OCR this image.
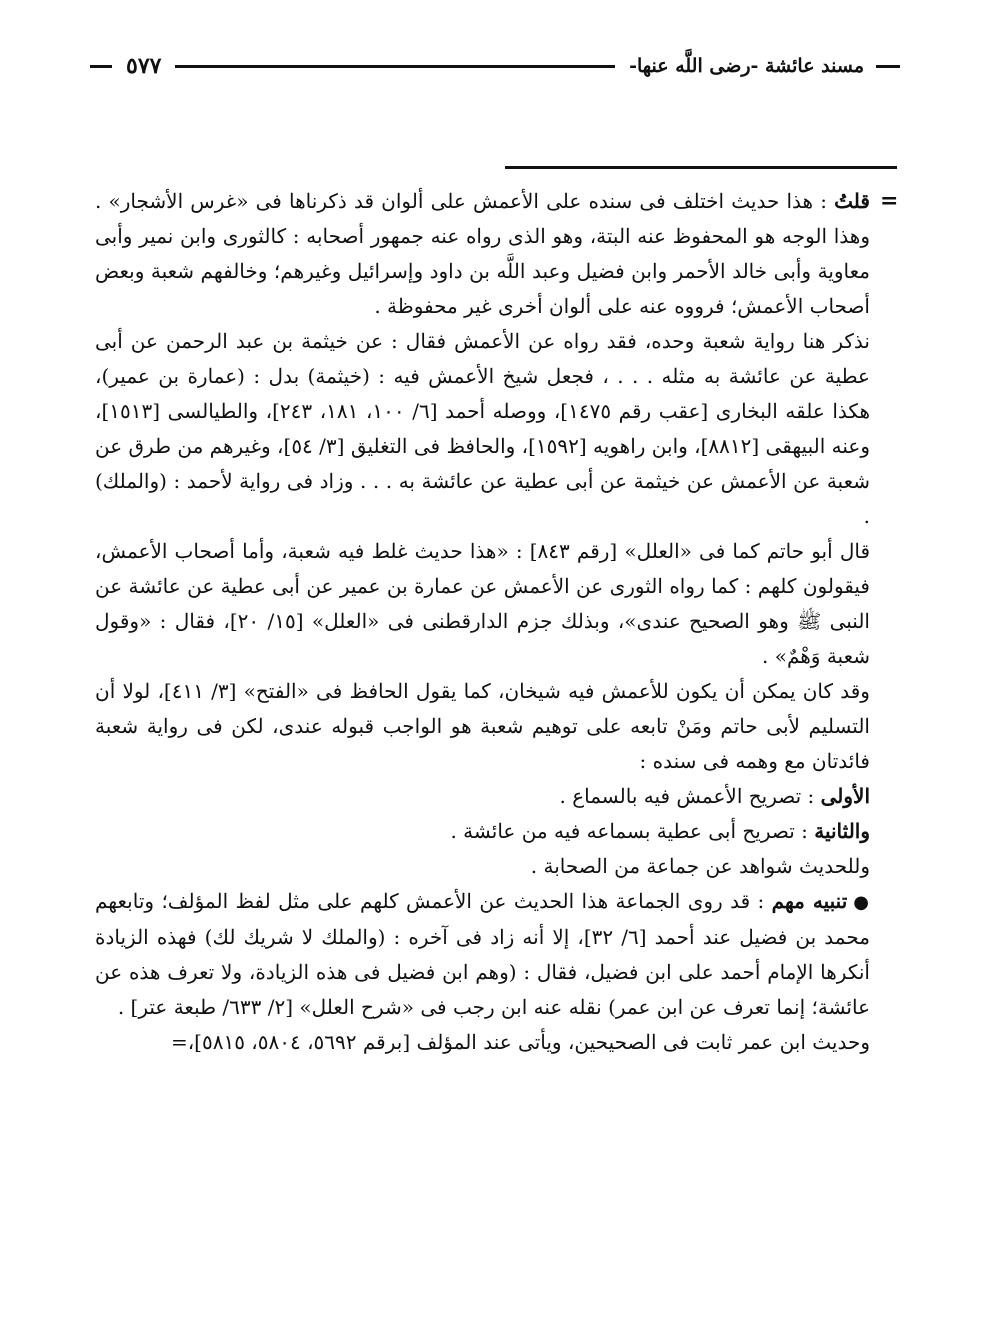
مسند عائشة -رضى اللَّه عنها-
٥٧٧
=

قلتُ : هذا حديث اختلف فى سنده على الأعمش على ألوان قد ذكرناها فى «غرس الأشجار» . وهذا الوجه هو المحفوظ عنه البتة، وهو الذى رواه عنه جمهور أصحابه : كالثورى وابن نمير وأبى معاوية وأبى خالد الأحمر وابن فضيل وعبد اللَّه بن داود وإسرائيل وغيرهم؛ وخالفهم شعبة وبعض أصحاب الأعمش؛ فرووه عنه على ألوان أخرى غير محفوظة .

نذكر هنا رواية شعبة وحده، فقد رواه عن الأعمش فقال : عن خيثمة بن عبد الرحمن عن أبى عطية عن عائشة به مثله . . . ، فجعل شيخ الأعمش فيه : (خيثمة) بدل : (عمارة بن عمير)، هكذا علقه البخارى [عقب رقم ١٤٧٥]، ووصله أحمد [٦/ ١٠٠، ١٨١، ٢٤٣]، والطيالسى [١٥١٣]، وعنه البيهقى [٨٨١٢]، وابن راهويه [١٥٩٢]، والحافظ فى التغليق [٣/ ٥٤]، وغيرهم من طرق عن شعبة عن الأعمش عن خيثمة عن أبى عطية عن عائشة به . . . وزاد فى رواية لأحمد : (والملك) .

قال أبو حاتم كما فى «العلل» [رقم ٨٤٣] : «هذا حديث غلط فيه شعبة، وأما أصحاب الأعمش، فيقولون كلهم : كما رواه الثورى عن الأعمش عن عمارة بن عمير عن أبى عطية عن عائشة عن النبى ﷺ وهو الصحيح عندى»، وبذلك جزم الدارقطنى فى «العلل» [١٥/ ٢٠]، فقال : «وقول شعبة وَهْمٌ» .

وقد كان يمكن أن يكون للأعمش فيه شيخان، كما يقول الحافظ فى «الفتح» [٣/ ٤١١]، لولا أن التسليم لأبى حاتم ومَنْ تابعه على توهيم شعبة هو الواجب قبوله عندى، لكن فى رواية شعبة فائدتان مع وهمه فى سنده :

الأولى : تصريح الأعمش فيه بالسماع .

والثانية : تصريح أبى عطية بسماعه فيه من عائشة .

وللحديث شواهد عن جماعة من الصحابة .

●تنبيه مهم : قد روى الجماعة هذا الحديث عن الأعمش كلهم على مثل لفظ المؤلف؛ وتابعهم محمد بن فضيل عند أحمد [٦/ ٣٢]، إلا أنه زاد فى آخره : (والملك لا شريك لك) فهذه الزيادة أنكرها الإمام أحمد على ابن فضيل، فقال : (وهم ابن فضيل فى هذه الزيادة، ولا تعرف هذه عن عائشة؛ إنما تعرف عن ابن عمر) نقله عنه ابن رجب فى «شرح العلل» [٢/ ٦٣٣/ طبعة عتر] .

وحديث ابن عمر ثابت فى الصحيحين، ويأتى عند المؤلف [برقم ٥٦٩٢، ٥٨٠٤، ٥٨١٥]،=
